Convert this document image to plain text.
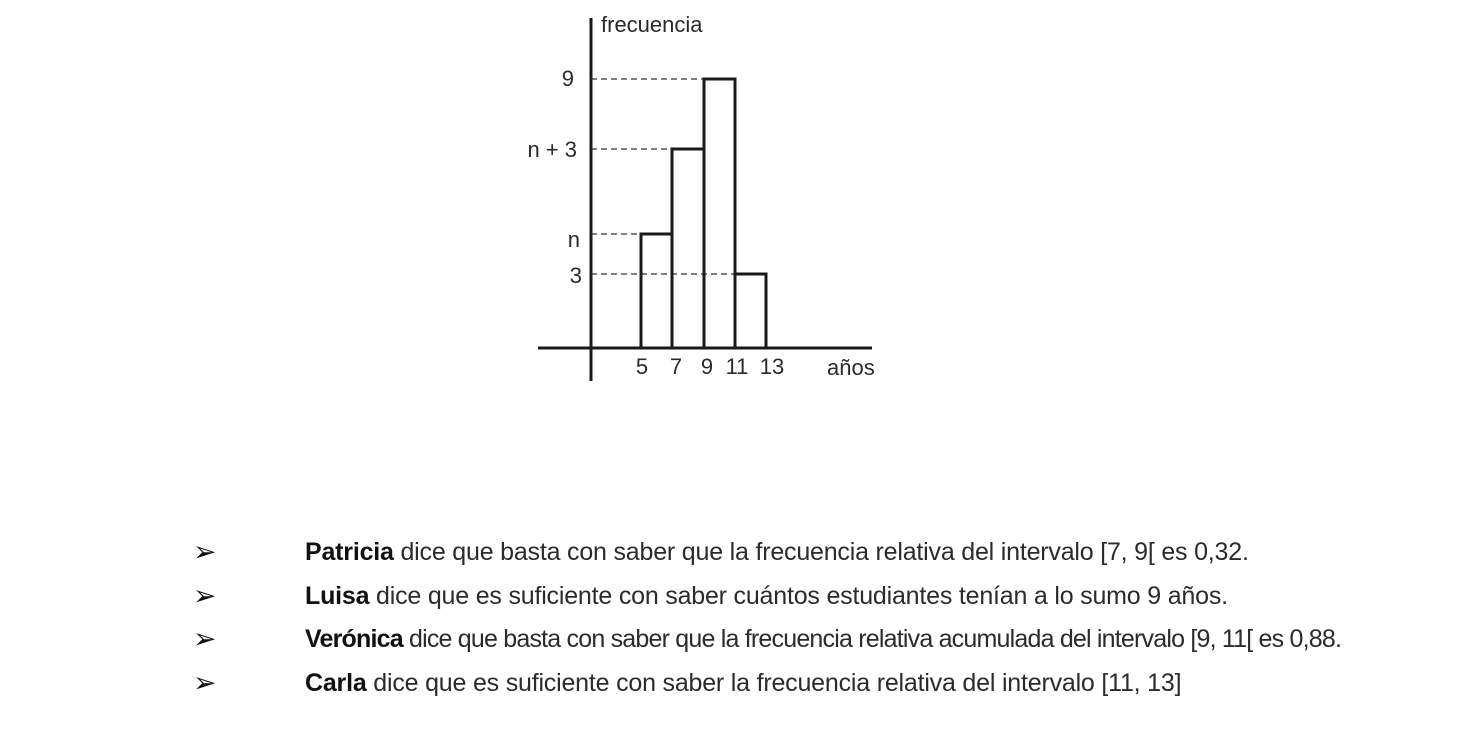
frecuencia
años
9
n + 3
n
3
5 7 9 11 13
➢	Patricia dice que basta con saber que la frecuencia relativa del intervalo [7, 9[ es 0,32.
➢	Luisa dice que es suficiente con saber cuántos estudiantes tenían a lo sumo 9 años.
➢	Verónica dice que basta con saber que la frecuencia relativa acumulada del intervalo [9, 11[ es 0,88.
➢	Carla dice que es suficiente con saber la frecuencia relativa del intervalo [11, 13]
